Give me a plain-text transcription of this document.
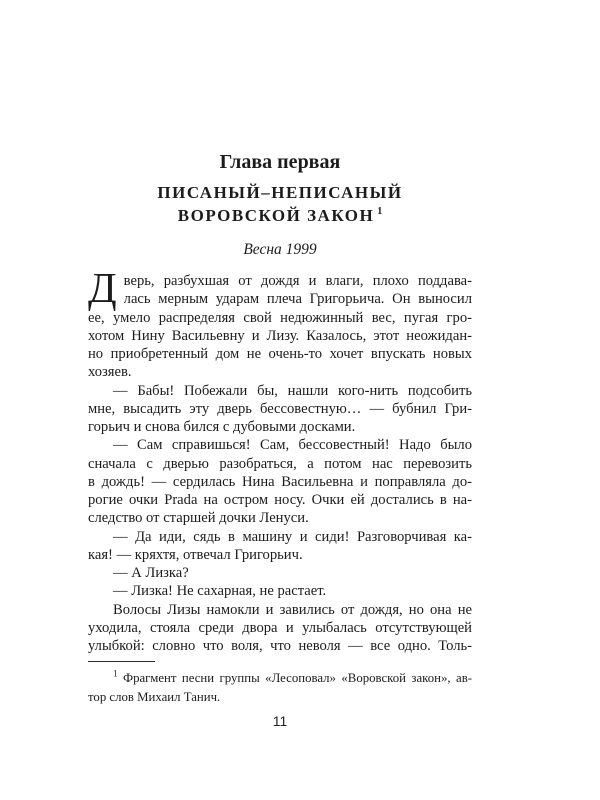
Глава первая
ПИСАНЫЙ–НЕПИСАНЫЙ
ВОРОВСКОЙ ЗАКОН $^1$
Весна 1999
Д верь, разбухшая от дождя и влаги, плохо поддава-
лась мерным ударам плеча Григорьича. Он выносил
ее, умело распределяя свой недюжинный вес, пугая гро-
хотом Нину Васильевну и Лизу. Казалось, этот неожидан-
но приобретенный дом не очень-то хочет впускать новых
хозяев.
— Бабы! Побежали бы, нашли кого-нить подсобить
мне, высадить эту дверь бессовестную… — бубнил Гри-
горьич и снова бился с дубовыми досками.
— Сам справишься! Сам, бессовестный! Надо было
сначала с дверью разобраться, а потом нас перевозить
в дождь! — сердилась Нина Васильевна и поправляла до-
рогие очки Prada на остром носу. Очки ей достались в на-
следство от старшей дочки Ленуси.
— Да иди, сядь в машину и сиди! Разговорчивая ка-
кая! — кряхтя, отвечал Григорьич.
— А Лизка?
— Лизка! Не сахарная, не растает.
Волосы Лизы намокли и завились от дождя, но она не
уходила, стояла среди двора и улыбалась отсутствующей
улыбкой: словно что воля, что неволя — все одно. Толь-
$^1$ Фрагмент песни группы «Лесоповал» «Воровской закон», ав-
тор слов Михаил Танич.
11
